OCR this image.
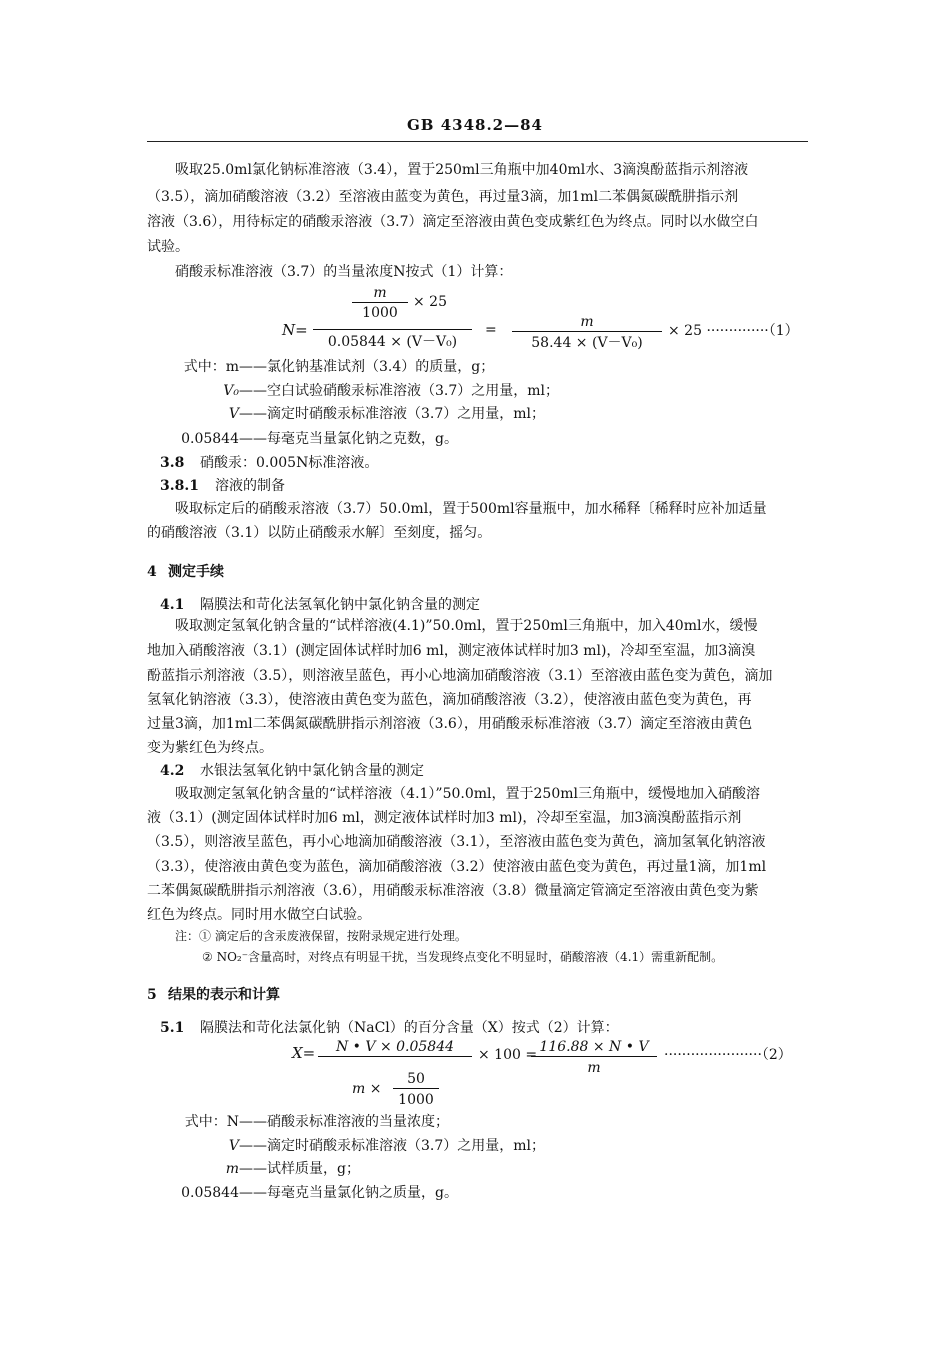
GB 4348.2—84
吸取25.0ml氯化钠标准溶液（3.4），置于250ml三角瓶中加40ml水、3滴溴酚蓝指示剂溶液
（3.5），滴加硝酸溶液（3.2）至溶液由蓝变为黄色，再过量3滴，加1ml二苯偶氮碳酰肼指示剂
溶液（3.6），用待标定的硝酸汞溶液（3.7）滴定至溶液由黄色变成紫红色为终点。同时以水做空白
试验。
硝酸汞标准溶液（3.7）的当量浓度N按式（1）计算：
m
× 25
1000
N=
0.05844 × (V－V₀)
=	m
58.44 × (V－V₀)
× 25 ··············（1）
式中：m ——氯化钠基准试剂（3.4）的质量，g；
V₀ ——空白试验硝酸汞标准溶液（3.7）之用量，ml；
V ——滴定时硝酸汞标准溶液（3.7）之用量，ml；
0.05844 ——每毫克当量氯化钠之克数，g。
3.8 硝酸汞：0.005N标准溶液。
3.8.1 溶液的制备
吸取标定后的硝酸汞溶液（3.7）50.0ml，置于500ml容量瓶中，加水稀释〔稀释时应补加适量
的硝酸溶液（3.1）以防止硝酸汞水解〕至刻度，摇匀。
4 测定手续
4.1 隔膜法和苛化法氢氧化钠中氯化钠含量的测定
吸取测定氢氧化钠含量的“试样溶液(4.1)”50.0ml，置于250ml三角瓶中，加入40ml水，缓慢
地加入硝酸溶液（3.1）(测定固体试样时加6 ml，测定液体试样时加3 ml)，冷却至室温，加3滴溴
酚蓝指示剂溶液（3.5），则溶液呈蓝色，再小心地滴加硝酸溶液（3.1）至溶液由蓝色变为黄色，滴加
氢氧化钠溶液（3.3），使溶液由黄色变为蓝色，滴加硝酸溶液（3.2），使溶液由蓝色变为黄色，再
过量3滴，加1ml二苯偶氮碳酰肼指示剂溶液（3.6），用硝酸汞标准溶液（3.7）滴定至溶液由黄色
变为紫红色为终点。
4.2 水银法氢氧化钠中氯化钠含量的测定
吸取测定氢氧化钠含量的“试样溶液（4.1）”50.0ml，置于250ml三角瓶中，缓慢地加入硝酸溶
液（3.1）(测定固体试样时加6 ml，测定液体试样时加3 ml)，冷却至室温，加3滴溴酚蓝指示剂
（3.5），则溶液呈蓝色，再小心地滴加硝酸溶液（3.1），至溶液由蓝色变为黄色，滴加氢氧化钠溶液
（3.3），使溶液由黄色变为蓝色，滴加硝酸溶液（3.2）使溶液由蓝色变为黄色，再过量1滴，加1ml
二苯偶氮碳酰肼指示剂溶液（3.6），用硝酸汞标准溶液（3.8）微量滴定管滴定至溶液由黄色变为紫
红色为终点。同时用水做空白试验。
注：① 滴定后的含汞废液保留，按附录规定进行处理。
② NO₂⁻含量高时，对终点有明显干扰，当发现终点变化不明显时，硝酸溶液（4.1）需重新配制。
5 结果的表示和计算
5.1 隔膜法和苛化法氯化钠（NaCl）的百分含量（X）按式（2）计算：
X=	N • V × 0.05844	× 100 = 116.88 × N • V
m
······················（2）
m ×
50
1000
式中：N ——硝酸汞标准溶液的当量浓度；
V ——滴定时硝酸汞标准溶液（3.7）之用量，ml；
m ——试样质量，g；
0.05844 ——每毫克当量氯化钠之质量，g。
